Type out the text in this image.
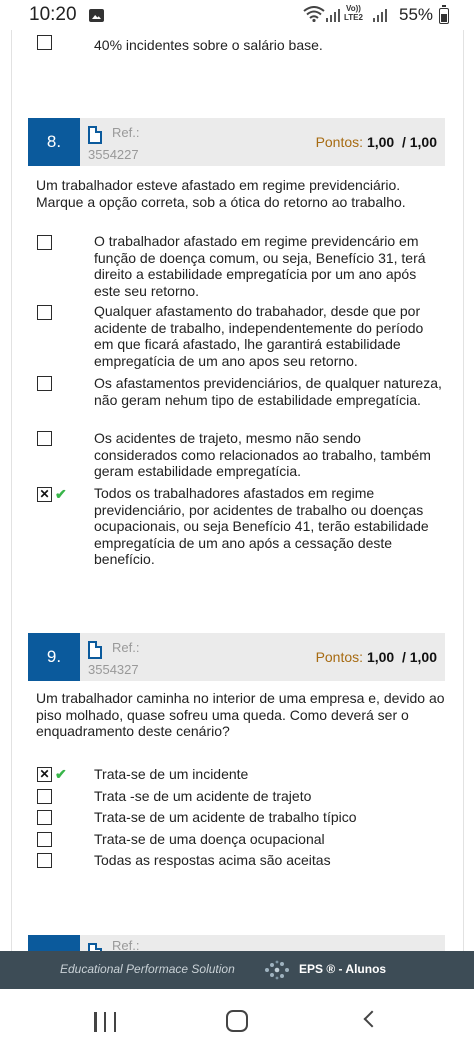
10:20	Vo))
LTE2 55%
40% incidentes sobre o salário base.
8.	Ref.:
3554227
Pontos: 1,00 / 1,00
Um trabalhador esteve afastado em regime previdenciário. Marque a opção correta, sob a ótica do retorno ao trabalho.
O trabalhador afastado em regime previdencário em função de doença comum, ou seja, Benefício 31, terá direito a estabilidade empregatícia por um ano após este seu retorno.
Qualquer afastamento do trabahador, desde que por acidente de trabalho, independentemente do período em que ficará afastado, lhe garantirá estabilidade empregatícia de um ano apos seu retorno.
Os afastamentos previdenciários, de qualquer natureza, não geram nehum tipo de estabilidade empregatícia.
Os acidentes de trajeto, mesmo não sendo considerados como relacionados ao trabalho, também geram estabilidade empregatícia.
✕
✔ Todos os trabalhadores afastados em regime previdenciário, por acidentes de trabalho ou doenças ocupacionais, ou seja Benefício 41, terão estabilidade empregatícia de um ano após a cessação deste benefício.
9.	Ref.:
3554327
Pontos: 1,00 / 1,00
Um trabalhador caminha no interior de uma empresa e, devido ao piso molhado, quase sofreu uma queda. Como deverá ser o enquadramento deste cenário?
✕
✔ Trata-se de um incidente
Trata -se de um acidente de trajeto
Trata-se de um acidente de trabalho típico
Trata-se de uma doença ocupacional
Todas as respostas acima são aceitas
Ref.:
Educational Performace Solution	EPS ® - Alunos
